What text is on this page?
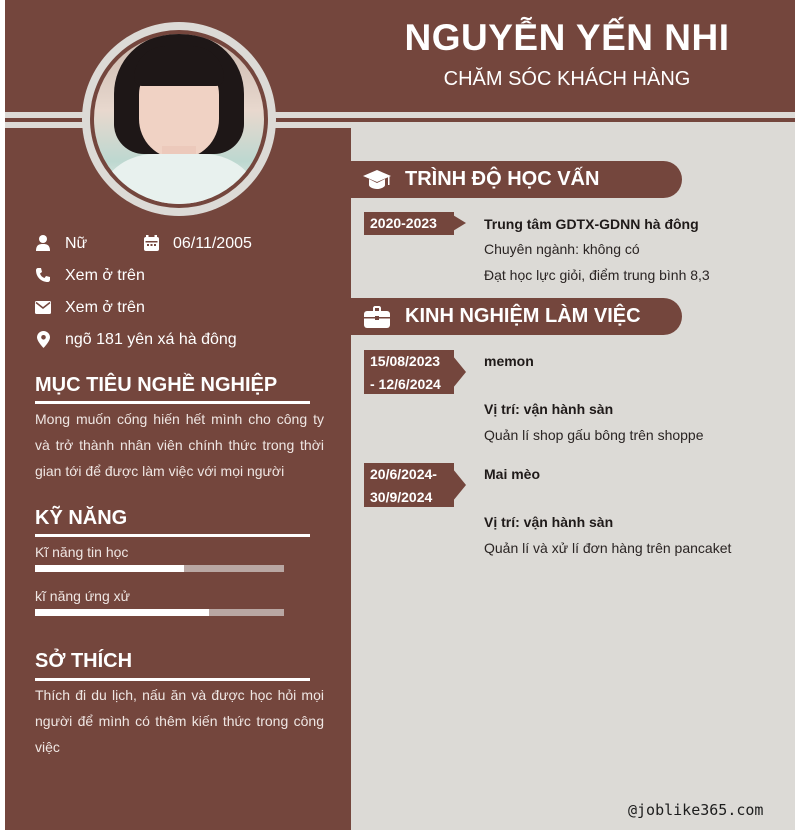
NGUYỄN YẾN NHI
CHĂM SÓC KHÁCH HÀNG
Nữ	06/11/2005
Xem ở trên
Xem ở trên
ngõ 181 yên xá hà đông
MỤC TIÊU NGHỀ NGHIỆP
Mong muốn cống hiến hết mình cho công ty và trở thành nhân viên chính thức trong thời gian tới để được làm việc với mọi người
KỸ NĂNG
Kĩ năng tin học
kĩ năng ứng xử
SỞ THÍCH
Thích đi du lịch, nấu ăn và được học hỏi mọi người để mình có thêm kiến thức trong công việc
TRÌNH ĐỘ HỌC VẤN
2020-2023	Trung tâm GDTX-GDNN hà đông
Chuyên ngành: không có
Đạt học lực giỏi, điểm trung bình 8,3
KINH NGHIỆM LÀM VIỆC
15/08/2023
- 12/6/2024
memon
Vị trí: vận hành sàn
Quản lí shop gấu bông trên shoppe
20/6/2024-
30/9/2024
Mai mèo
Vị trí: vận hành sàn
Quản lí và xử lí đơn hàng trên pancaket
@joblike365.com
